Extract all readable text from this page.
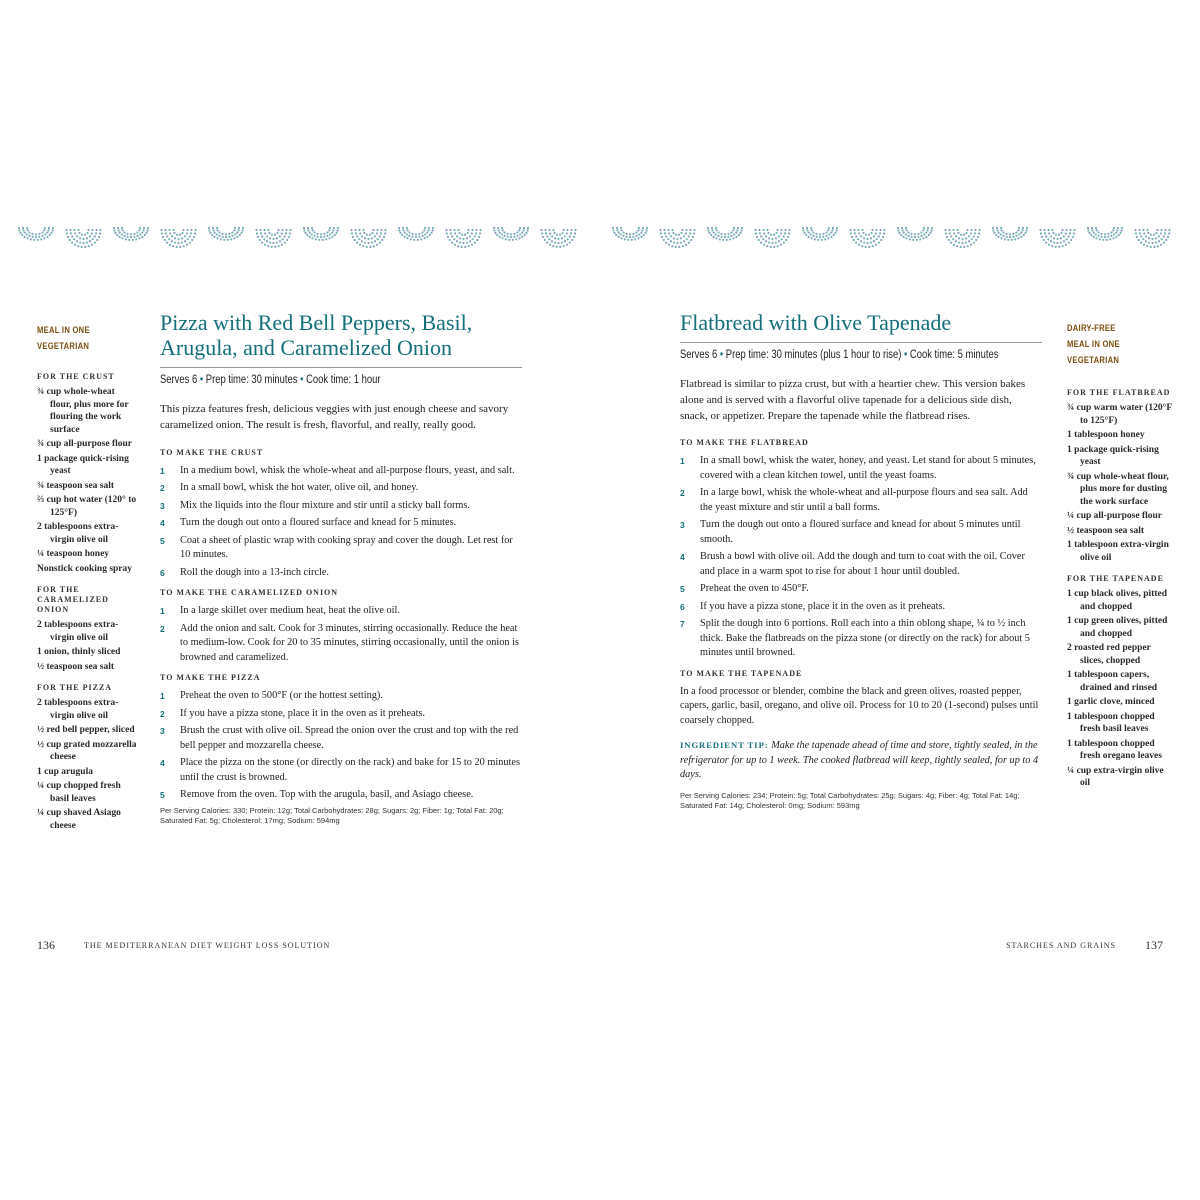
MEAL IN ONE
VEGETARIAN
FOR THE CRUST
¾ cup whole-wheat flour, plus more for flouring the work surface
¾ cup all-purpose flour
1 package quick-rising yeast
¾ teaspoon sea salt
⅔ cup hot water (120° to 125°F)
2 tablespoons extra-virgin olive oil
¼ teaspoon honey
Nonstick cooking spray
FOR THE CARAMELIZED ONION
2 tablespoons extra-virgin olive oil
1 onion, thinly sliced
½ teaspoon sea salt
FOR THE PIZZA
2 tablespoons extra-virgin olive oil
½ red bell pepper, sliced
½ cup grated mozzarella cheese
1 cup arugula
¼ cup chopped fresh basil leaves
¼ cup shaved Asiago cheese
Pizza with Red Bell Peppers, Basil, Arugula, and Caramelized Onion
Serves 6 • Prep time: 30 minutes • Cook time: 1 hour

This pizza features fresh, delicious veggies with just enough cheese and savory caramelized onion. The result is fresh, flavorful, and really, really good.

TO MAKE THE CRUST
1	In a medium bowl, whisk the whole-wheat and all-purpose flours, yeast, and salt.
2	In a small bowl, whisk the hot water, olive oil, and honey.
3	Mix the liquids into the flour mixture and stir until a sticky ball forms.
4	Turn the dough out onto a floured surface and knead for 5 minutes.
5	Coat a sheet of plastic wrap with cooking spray and cover the dough. Let rest for 10 minutes.
6	Roll the dough into a 13-inch circle.
TO MAKE THE CARAMELIZED ONION
1	In a large skillet over medium heat, heat the olive oil.
2	Add the onion and salt. Cook for 3 minutes, stirring occasionally. Reduce the heat to medium-low. Cook for 20 to 35 minutes, stirring occasionally, until the onion is browned and caramelized.
TO MAKE THE PIZZA
1	Preheat the oven to 500°F (or the hottest setting).
2	If you have a pizza stone, place it in the oven as it preheats.
3	Brush the crust with olive oil. Spread the onion over the crust and top with the red bell pepper and mozzarella cheese.
4	Place the pizza on the stone (or directly on the rack) and bake for 15 to 20 minutes until the crust is browned.
5	Remove from the oven. Top with the arugula, basil, and Asiago cheese.
Per Serving Calories: 330; Protein: 12g; Total Carbohydrates: 28g; Sugars: 2g; Fiber: 1g; Total Fat: 20g; Saturated Fat: 5g; Cholesterol: 17mg; Sodium: 594mg
Flatbread with Olive Tapenade
Serves 6 • Prep time: 30 minutes (plus 1 hour to rise) • Cook time: 5 minutes

Flatbread is similar to pizza crust, but with a heartier chew. This version bakes alone and is served with a flavorful olive tapenade for a delicious side dish, snack, or appetizer. Prepare the tapenade while the flatbread rises.

TO MAKE THE FLATBREAD
1	In a small bowl, whisk the water, honey, and yeast. Let stand for about 5 minutes, covered with a clean kitchen towel, until the yeast foams.
2	In a large bowl, whisk the whole-wheat and all-purpose flours and sea salt. Add the yeast mixture and stir until a ball forms.
3	Turn the dough out onto a floured surface and knead for about 5 minutes until smooth.
4	Brush a bowl with olive oil. Add the dough and turn to coat with the oil. Cover and place in a warm spot to rise for about 1 hour until doubled.
5	Preheat the oven to 450°F.
6	If you have a pizza stone, place it in the oven as it preheats.
7	Split the dough into 6 portions. Roll each into a thin oblong shape, ¼ to ½ inch thick. Bake the flatbreads on the pizza stone (or directly on the rack) for about 5 minutes until browned.
TO MAKE THE TAPENADE
In a food processor or blender, combine the black and green olives, roasted pepper, capers, garlic, basil, oregano, and olive oil. Process for 10 to 20 (1-second) pulses until coarsely chopped.
INGREDIENT TIP: Make the tapenade ahead of time and store, tightly sealed, in the refrigerator for up to 1 week. The cooked flatbread will keep, tightly sealed, for up to 4 days.
Per Serving Calories: 234; Protein: 5g; Total Carbohydrates: 25g; Sugars: 4g; Fiber: 4g; Total Fat: 14g; Saturated Fat: 14g; Cholesterol: 0mg; Sodium: 593mg
DAIRY-FREE
MEAL IN ONE
VEGETARIAN
FOR THE FLATBREAD
¾ cup warm water (120°F to 125°F)
1 tablespoon honey
1 package quick-rising yeast
¾ cup whole-wheat flour, plus more for dusting the work surface
¼ cup all-purpose flour
½ teaspoon sea salt
1 tablespoon extra-virgin olive oil
FOR THE TAPENADE
1 cup black olives, pitted and chopped
1 cup green olives, pitted and chopped
2 roasted red pepper slices, chopped
1 tablespoon capers, drained and rinsed
1 garlic clove, minced
1 tablespoon chopped fresh basil leaves
1 tablespoon chopped fresh oregano leaves
¼ cup extra-virgin olive oil
136	THE MEDITERRANEAN DIET WEIGHT LOSS SOLUTION	STARCHES AND GRAINS 137
